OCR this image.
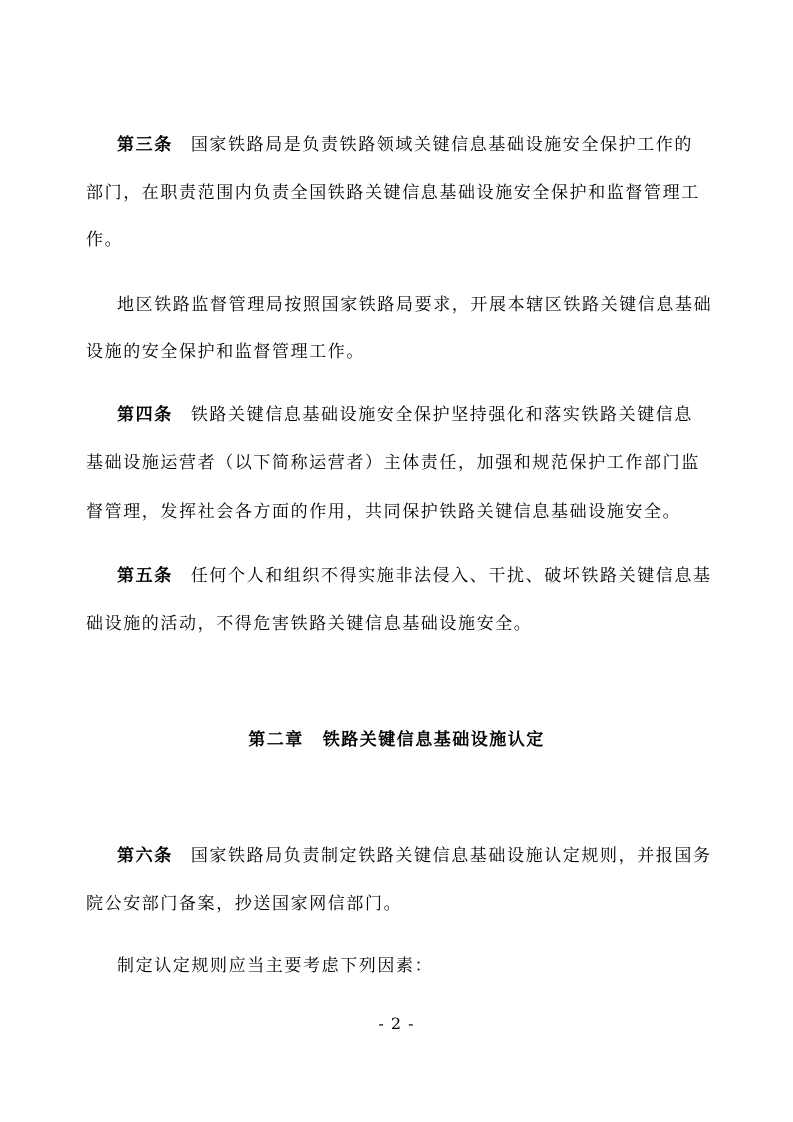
第三条 国家铁路局是负责铁路领域关键信息基础设施安全保护工作的
部门，在职责范围内负责全国铁路关键信息基础设施安全保护和监督管理工
作。
地区铁路监督管理局按照国家铁路局要求，开展本辖区铁路关键信息基础
设施的安全保护和监督管理工作。
第四条 铁路关键信息基础设施安全保护坚持强化和落实铁路关键信息
基础设施运营者（以下简称运营者）主体责任，加强和规范保护工作部门监
督管理，发挥社会各方面的作用，共同保护铁路关键信息基础设施安全。
第五条 任何个人和组织不得实施非法侵入、干扰、破坏铁路关键信息基
础设施的活动，不得危害铁路关键信息基础设施安全。
第二章 铁路关键信息基础设施认定
第六条 国家铁路局负责制定铁路关键信息基础设施认定规则，并报国务
院公安部门备案，抄送国家网信部门。
制定认定规则应当主要考虑下列因素：
- 2 -
